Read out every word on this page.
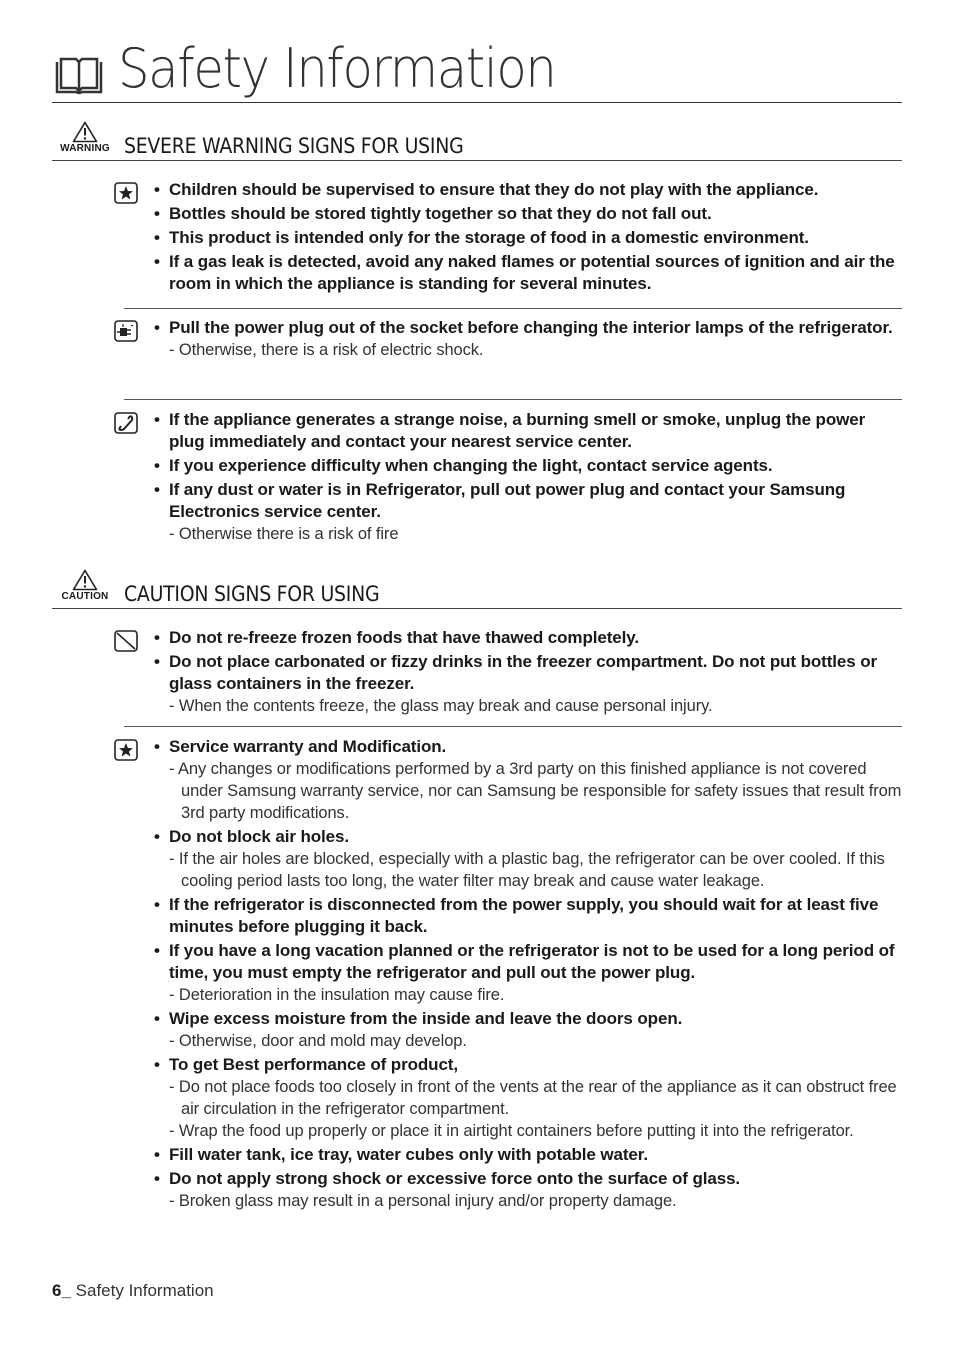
Safety Information
WARNING SEVERE WARNING SIGNS FOR USING
• Children should be supervised to ensure that they do not play with the appliance.
• Bottles should be stored tightly together so that they do not fall out.
• This product is intended only for the storage of food in a domestic environment.
• If a gas leak is detected, avoid any naked flames or potential sources of ignition and air the room in which the appliance is standing for several minutes.
• Pull the power plug out of the socket before changing the interior lamps of the refrigerator.
- Otherwise, there is a risk of electric shock.
• If the appliance generates a strange noise, a burning smell or smoke, unplug the power plug immediately and contact your nearest service center.
• If you experience difficulty when changing the light, contact service agents.
• If any dust or water is in Refrigerator, pull out power plug and contact your Samsung Electronics service center.
- Otherwise there is a risk of fire
CAUTION CAUTION SIGNS FOR USING
• Do not re-freeze frozen foods that have thawed completely.
• Do not place carbonated or fizzy drinks in the freezer compartment. Do not put bottles or glass containers in the freezer.
- When the contents freeze, the glass may break and cause personal injury.
• Service warranty and Modification.
- Any changes or modifications performed by a 3rd party on this finished appliance is not covered under Samsung warranty service, nor can Samsung be responsible for safety issues that result from 3rd party modifications.
• Do not block air holes.
- If the air holes are blocked, especially with a plastic bag, the refrigerator can be over cooled. If this cooling period lasts too long, the water filter may break and cause water leakage.
• If the refrigerator is disconnected from the power supply, you should wait for at least five minutes before plugging it back.
• If you have a long vacation planned or the refrigerator is not to be used for a long period of time, you must empty the refrigerator and pull out the power plug.
- Deterioration in the insulation may cause fire.
• Wipe excess moisture from the inside and leave the doors open.
- Otherwise, door and mold may develop.
• To get Best performance of product,
- Do not place foods too closely in front of the vents at the rear of the appliance as it can obstruct free air circulation in the refrigerator compartment.
- Wrap the food up properly or place it in airtight containers before putting it into the refrigerator.
• Fill water tank, ice tray, water cubes only with potable water.
• Do not apply strong shock or excessive force onto the surface of glass.
- Broken glass may result in a personal injury and/or property damage.
6_ Safety Information
